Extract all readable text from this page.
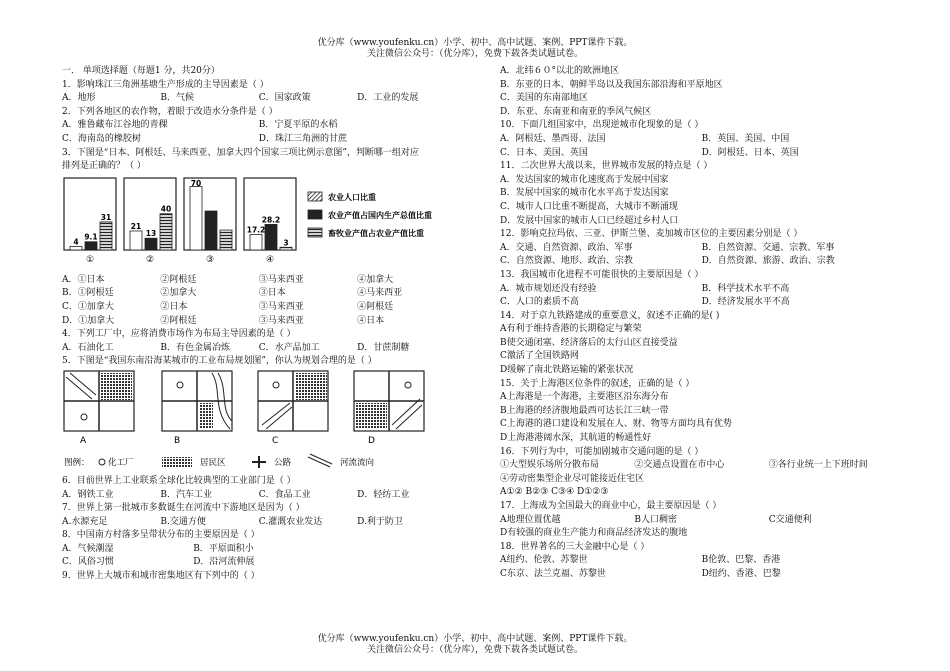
优分库（www.youfenku.cn）小学、初中、高中试题、案例、PPT课件下载。
关注微信公众号：（优分库），免费下载各类试题试卷。
一． 单项选择题（每题1 分，共20分）
1．影响珠江三角洲基塘生产形成的主导因素是（ ）
A．地形	B．气候	C．国家政策	D．工业的发展
2．下列各地区的农作物，着眼于改造水分条件是（ ）
A．雅鲁藏布江谷地的青稞	B．宁夏平原的水稻
C．海南岛的橡胶树	D．珠江三角洲的甘蔗
3．下图是“日本、阿根廷、马来西亚、加拿大四个国家三项比例示意图”，判断哪一组对应
排列是正确的？（ ）
4
9.1
31
①
21
13
40
②
70
③
17.2
28.2
3
④
农业人口比重
农业产值占国内生产总值比重
畜牧业产值占农业产值比重
A．①日本	②阿根廷	③马来西亚	④加拿大
B．①阿根廷	②加拿大	③日本	④马来西亚
C．①加拿大	②日本	③马来西亚	④阿根廷
D．①加拿大	②阿根廷	③马来西亚	④日本
4．下列工厂中，应将消费市场作为布局主导因素的是（ ）
A．石油化工	B．有色金属冶炼	C．水产品加工	D．甘蔗制糖
5．下图是“我国东南沿海某城市的工业布局规划图”，你认为规划合理的是（ ）
A	B	C	D
图例： 化工厂	居民区	公路	河流流向
6．目前世界上工业联系全球化比较典型的工业部门是（ ）
A．钢铁工业	B．汽车工业	C．食品工业	D．轻纺工业
7．世界上第一批城市多数诞生在河流中下游地区是因为（ ）
A.水源充足	B.交通方便	C.灌溉农业发达	D.利于防卫
8．中国南方村落多呈带状分布的主要原因是（ ）
A．气候潮湿	B．平原面积小
C．风俗习惯	D．沿河流伸展
9．世界上大城市和城市密集地区有下列中的（ ）
A．北纬６０°以北的欧洲地区
B．东亚的日本、朝鲜半岛以及我国东部沿海和平原地区
C．美国的东南部地区
D．东亚、东南亚和南亚的季风气候区
10．下面几组国家中，出现逆城市化现象的是（ ）
A．阿根廷、墨西哥、法国	B．英国、美国、中国
C．日本、美国、英国	D．阿根廷、日本、英国
11．二次世界大战以来，世界城市发展的特点是（ ）
A．发达国家的城市化速度高于发展中国家
B．发展中国家的城市化水平高于发达国家
C．城市人口比重不断提高，大城市不断涌现
D．发展中国家的城市人口已经超过乡村人口
12．影响克拉玛依、三亚、伊斯兰堡、麦加城市区位的主要因素分别是（ ）
A．交通、自然资源、政治、军事	B．自然资源、交通、宗教、军事
C．自然资源、地形、政治、宗教	D．自然资源、旅游、政治、宗教
13．我国城市化进程不可能很快的主要原因是（ ）
A．城市规划还没有经验	B．科学技术水平不高
C．人口的素质不高	D．经济发展水平不高
14．对于京九铁路建成的重要意义，叙述不正确的是( )
A有利于维持香港的长期稳定与繁荣
B使交通闭塞、经济落后的太行山区直接受益
C激活了全国铁路网
D缓解了南北铁路运输的紧张状况
15．关于上海港区位条件的叙述，正确的是（ ）
A上海港是一个海港，主要港区沿东海分布
B上海港的经济腹地最西可达长江三峡一带
C上海港的港口建设和发展在人、财、物等方面均具有优势
D上海港港阔水深，其航道的畅通性好
16．下列行为中，可能加剧城市交通问题的是（ ）
①大型娱乐场所分散布局	②交通点设置在市中心	③各行业统一上下班时间
④劳动密集型企业尽可能接近住宅区
A①② B②③ C③④ D①②③
17．上海成为全国最大的商业中心，最主要原因是（ ）
A地理位置优越	B人口稠密	C交通便利
D有较强的商业生产能力和商品经济发达的腹地
18．世界著名的三大金融中心是（ ）
A纽约、伦敦、苏黎世	B伦敦、巴黎、香港
C东京、法兰克福、苏黎世	D纽约、香港、巴黎
优分库（www.youfenku.cn）小学、初中、高中试题、案例、PPT课件下载。
关注微信公众号：（优分库），免费下载各类试题试卷。
